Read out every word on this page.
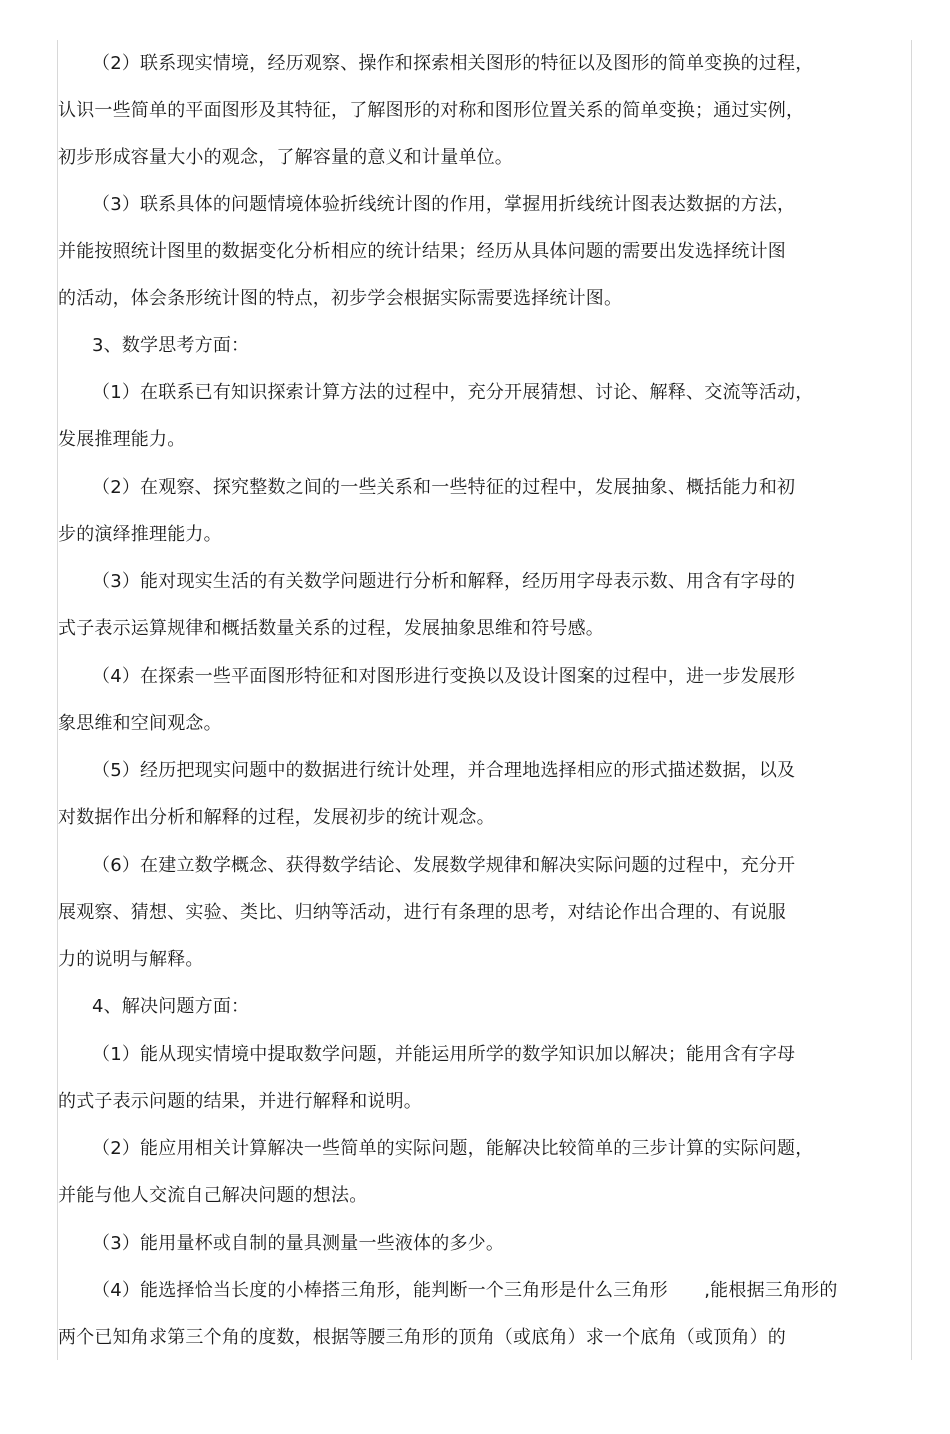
（2）联系现实情境，经历观察、操作和探索相关图形的特征以及图形的简单变换的过程，
认识一些简单的平面图形及其特征，了解图形的对称和图形位置关系的简单变换；通过实例，
初步形成容量大小的观念，了解容量的意义和计量单位。
（3）联系具体的问题情境体验折线统计图的作用，掌握用折线统计图表达数据的方法，
并能按照统计图里的数据变化分析相应的统计结果；经历从具体问题的需要出发选择统计图
的活动，体会条形统计图的特点，初步学会根据实际需要选择统计图。
3、数学思考方面：
（1）在联系已有知识探索计算方法的过程中，充分开展猜想、讨论、解释、交流等活动，
发展推理能力。
（2）在观察、探究整数之间的一些关系和一些特征的过程中，发展抽象、概括能力和初
步的演绎推理能力。
（3）能对现实生活的有关数学问题进行分析和解释，经历用字母表示数、用含有字母的
式子表示运算规律和概括数量关系的过程，发展抽象思维和符号感。
（4）在探索一些平面图形特征和对图形进行变换以及设计图案的过程中，进一步发展形
象思维和空间观念。
（5）经历把现实问题中的数据进行统计处理，并合理地选择相应的形式描述数据，以及
对数据作出分析和解释的过程，发展初步的统计观念。
（6）在建立数学概念、获得数学结论、发展数学规律和解决实际问题的过程中，充分开
展观察、猜想、实验、类比、归纳等活动，进行有条理的思考，对结论作出合理的、有说服
力的说明与解释。
4、解决问题方面：
（1）能从现实情境中提取数学问题，并能运用所学的数学知识加以解决；能用含有字母
的式子表示问题的结果，并进行解释和说明。
（2）能应用相关计算解决一些简单的实际问题，能解决比较简单的三步计算的实际问题，
并能与他人交流自己解决问题的想法。
（3）能用量杯或自制的量具测量一些液体的多少。
（4）能选择恰当长度的小棒搭三角形，能判断一个三角形是什么三角形　　,能根据三角形的
两个已知角求第三个角的度数，根据等腰三角形的顶角（或底角）求一个底角（或顶角）的
